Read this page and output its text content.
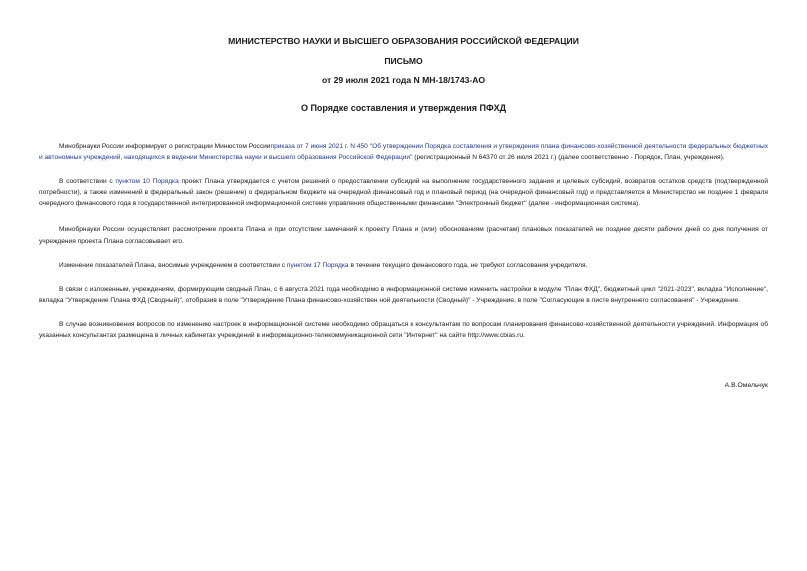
МИНИСТЕРСТВО НАУКИ И ВЫСШЕГО ОБРАЗОВАНИЯ РОССИЙСКОЙ ФЕДЕРАЦИИ
ПИСЬМО
от 29 июля 2021 года N МН-18/1743-АО
О Порядке составления и утверждения ПФХД

Минобрнауки России информирует о регистрации Минюстом Россииприказа от 7 июня 2021 г. N 450 "Об утверждении Порядка составления и утверждения плана финансово-хозяйственной деятельности федеральных бюджетных и автономных учреждений, находящихся в ведении Министерства науки и высшего образования Российской Федерации" (регистрационный N 64370 от 26 июля 2021 г.) (далее соответственно - Порядок, План, учреждения).

В соответствии с пунктом 10 Порядка проект Плана утверждается с учетом решений о предоставлении субсидий на выполнение государственного задания и целевых субсидий, возвратов остатков средств (подтвержденной потребности), а также изменений в федеральный закон (решение) о федеральном бюджете на очередной финансовый год и плановый период (на очередной финансовый год) и представляется в Министерство не позднее 1 февраля очередного финансового года в государственной интегрированной информационной системе управления общественными финансами "Электронный бюджет" (далее - информационная система).

Минобрнауки России осуществляет рассмотрение проекта Плана и при отсутствии замечаний к проекту Плана и (или) обоснованиям (расчетам) плановых показателей не позднее десяти рабочих дней со дня получения от учреждения проекта Плана согласовывает его.

Изменение показателей Плана, вносимые учреждением в соответствии с пунктом 17 Порядка в течение текущего финансового года, не требуют согласования учредителя.

В связи с изложенным, учреждениям, формирующим сводный План, с 6 августа 2021 года необходимо в информационной системе изменить настройки в модуле "План ФХД", бюджетный цикл "2021-2023", вкладка "Исполнение", вкладка "Утверждение Плана ФХД (Сводный)", отобразив в поле "Утверждение Плана финансово-хозяйствен ной деятельности (Сводный)" - Учреждение, в поле "Согласующие в листе внутреннего согласования" - Учреждение.

В случае возникновения вопросов по изменению настроек в информационной системе необходимо обращаться к консультантам по вопросам планирования финансово-хозяйственной деятельности учреждений. Информация об указанных консультантах размещена в личных кабинетах учреждений в информационно-телекоммуникационной сети "Интернет" на сайте http://www.cbias.ru.

А.В.Омельчук
